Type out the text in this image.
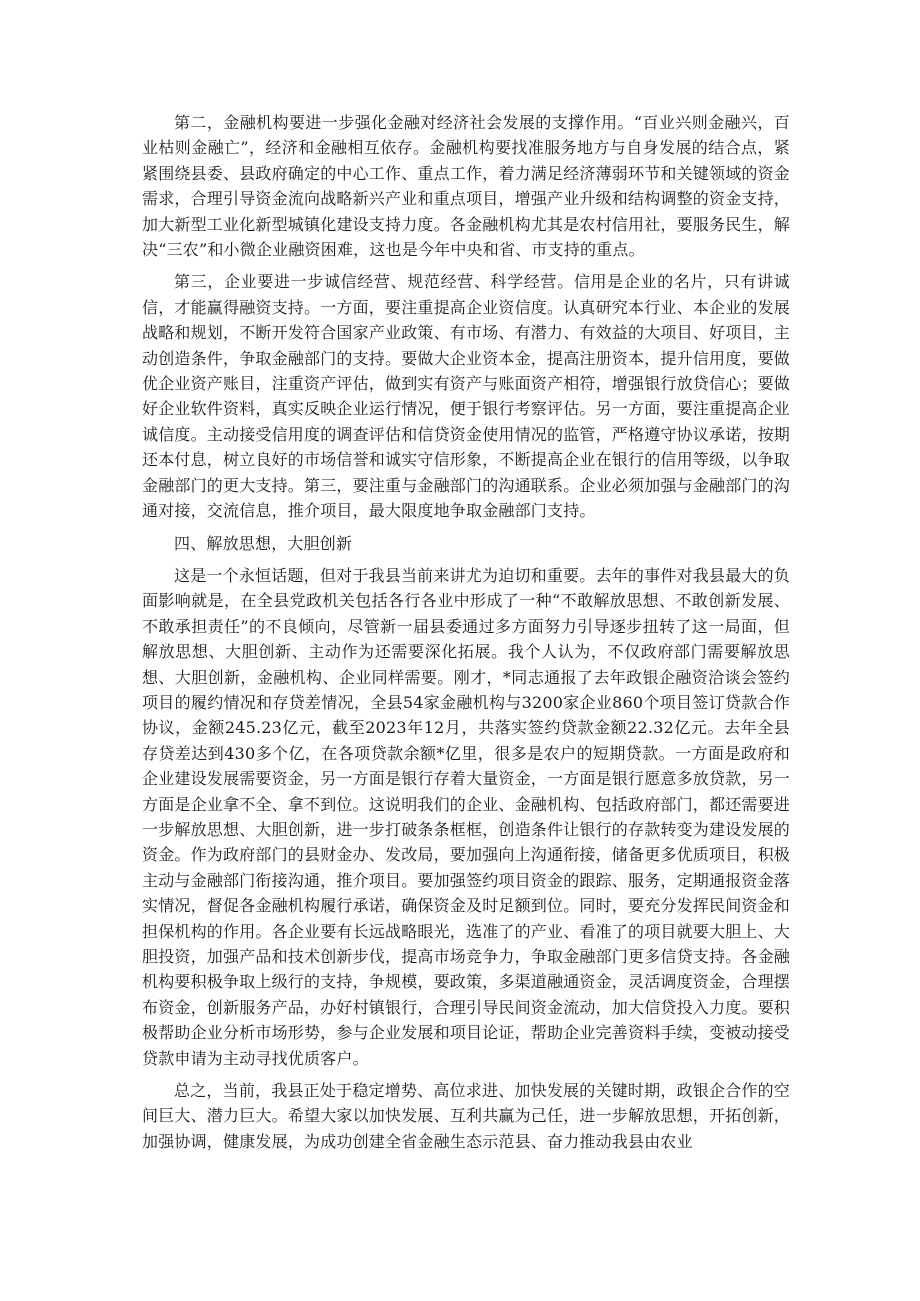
第二，金融机构要进一步强化金融对经济社会发展的支撑作用。“百业兴则金融兴，百业枯则金融亡”，经济和金融相互依存。金融机构要找准服务地方与自身发展的结合点，紧紧围绕县委、县政府确定的中心工作、重点工作，着力满足经济薄弱环节和关键领域的资金需求，合理引导资金流向战略新兴产业和重点项目，增强产业升级和结构调整的资金支持，加大新型工业化新型城镇化建设支持力度。各金融机构尤其是农村信用社，要服务民生，解决“三农”和小微企业融资困难，这也是今年中央和省、市支持的重点。

第三，企业要进一步诚信经营、规范经营、科学经营。信用是企业的名片，只有讲诚信，才能赢得融资支持。一方面，要注重提高企业资信度。认真研究本行业、本企业的发展战略和规划，不断开发符合国家产业政策、有市场、有潜力、有效益的大项目、好项目，主动创造条件，争取金融部门的支持。要做大企业资本金，提高注册资本，提升信用度，要做优企业资产账目，注重资产评估，做到实有资产与账面资产相符，增强银行放贷信心；要做好企业软件资料，真实反映企业运行情况，便于银行考察评估。另一方面，要注重提高企业诚信度。主动接受信用度的调查评估和信贷资金使用情况的监管，严格遵守协议承诺，按期还本付息，树立良好的市场信誉和诚实守信形象，不断提高企业在银行的信用等级，以争取金融部门的更大支持。第三，要注重与金融部门的沟通联系。企业必须加强与金融部门的沟通对接，交流信息，推介项目，最大限度地争取金融部门支持。

四、解放思想，大胆创新

这是一个永恒话题，但对于我县当前来讲尤为迫切和重要。去年的事件对我县最大的负面影响就是，在全县党政机关包括各行各业中形成了一种“不敢解放思想、不敢创新发展、不敢承担责任”的不良倾向，尽管新一届县委通过多方面努力引导逐步扭转了这一局面，但解放思想、大胆创新、主动作为还需要深化拓展。我个人认为，不仅政府部门需要解放思想、大胆创新，金融机构、企业同样需要。刚才，*同志通报了去年政银企融资洽谈会签约项目的履约情况和存贷差情况，全县54家金融机构与3200家企业860个项目签订贷款合作协议，金额245.23亿元，截至2023年12月，共落实签约贷款金额22.32亿元。去年全县存贷差达到430多个亿，在各项贷款余额*亿里，很多是农户的短期贷款。一方面是政府和企业建设发展需要资金，另一方面是银行存着大量资金，一方面是银行愿意多放贷款，另一方面是企业拿不全、拿不到位。这说明我们的企业、金融机构、包括政府部门，都还需要进一步解放思想、大胆创新，进一步打破条条框框，创造条件让银行的存款转变为建设发展的资金。作为政府部门的县财金办、发改局，要加强向上沟通衔接，储备更多优质项目，积极主动与金融部门衔接沟通，推介项目。要加强签约项目资金的跟踪、服务，定期通报资金落实情况，督促各金融机构履行承诺，确保资金及时足额到位。同时，要充分发挥民间资金和担保机构的作用。各企业要有长远战略眼光，选准了的产业、看准了的项目就要大胆上、大胆投资，加强产品和技术创新步伐，提高市场竞争力，争取金融部门更多信贷支持。各金融机构要积极争取上级行的支持，争规模，要政策，多渠道融通资金，灵活调度资金，合理摆布资金，创新服务产品，办好村镇银行，合理引导民间资金流动，加大信贷投入力度。要积极帮助企业分析市场形势，参与企业发展和项目论证，帮助企业完善资料手续，变被动接受贷款申请为主动寻找优质客户。

总之，当前，我县正处于稳定增势、高位求进、加快发展的关键时期，政银企合作的空间巨大、潜力巨大。希望大家以加快发展、互利共赢为己任，进一步解放思想，开拓创新，加强协调，健康发展，为成功创建全省金融生态示范县、奋力推动我县由农业
